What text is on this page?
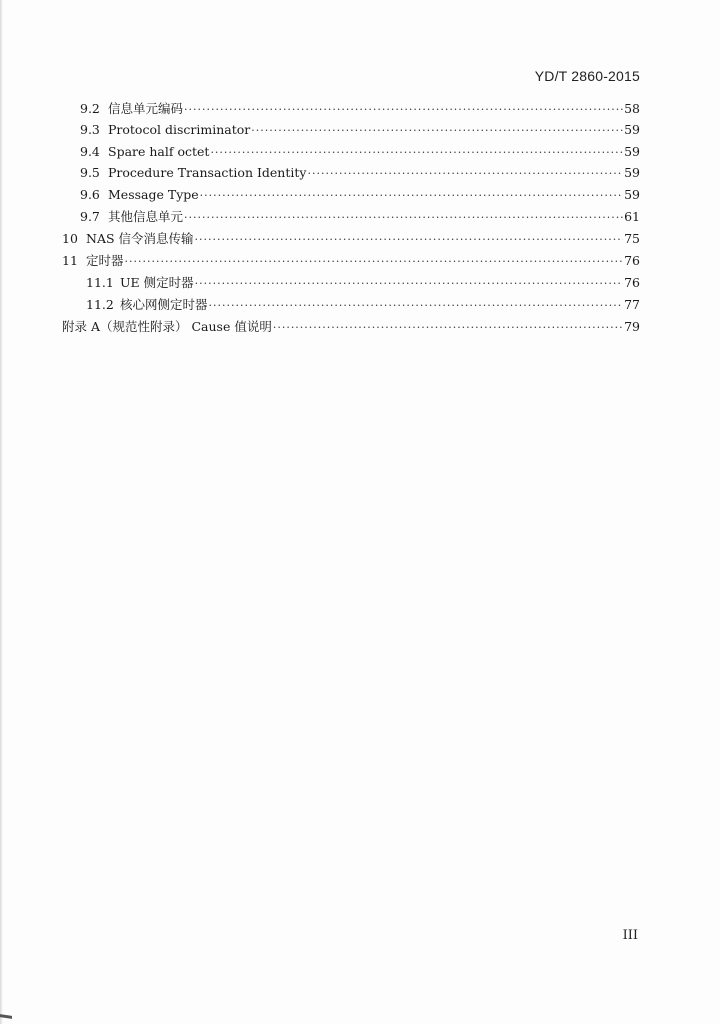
YD/T 2860-2015
9.2 信息单元编码 ·····	58
9.3 Protocol discriminator ·····	59
9.4 Spare half octet ·····	59
9.5 Procedure Transaction Identity ·····	59
9.6 Message Type ·····	59
9.7 其他信息单元 ·····	61
10 NAS 信令消息传输 ·····	75
11 定时器 ·····	76
11.1 UE 侧定时器 ·····	76
11.2 核心网侧定时器 ·····	77
附录 A（规范性附录） Cause 值说明 ·····	79
III
